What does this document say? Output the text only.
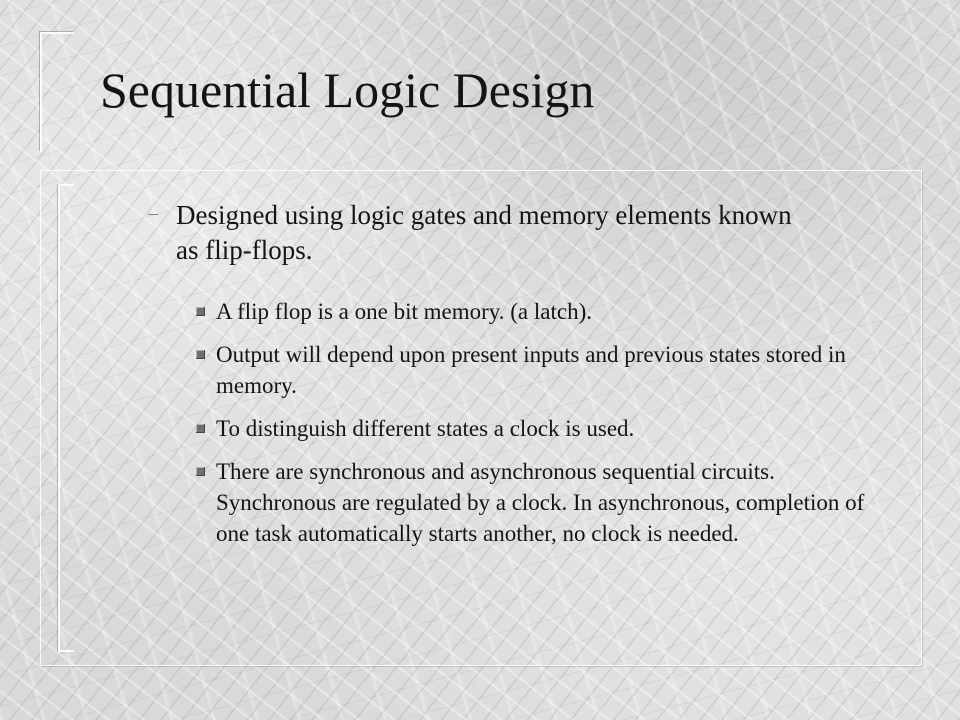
Sequential Logic Design
– Designed using logic gates and memory elements known as flip-flops.
A flip flop is a one bit memory. (a latch).
Output will depend upon present inputs and previous states stored in memory.
To distinguish different states a clock is used.
There are synchronous and asynchronous sequential circuits. Synchronous are regulated by a clock. In asynchronous, completion of one task automatically starts another, no clock is needed.
